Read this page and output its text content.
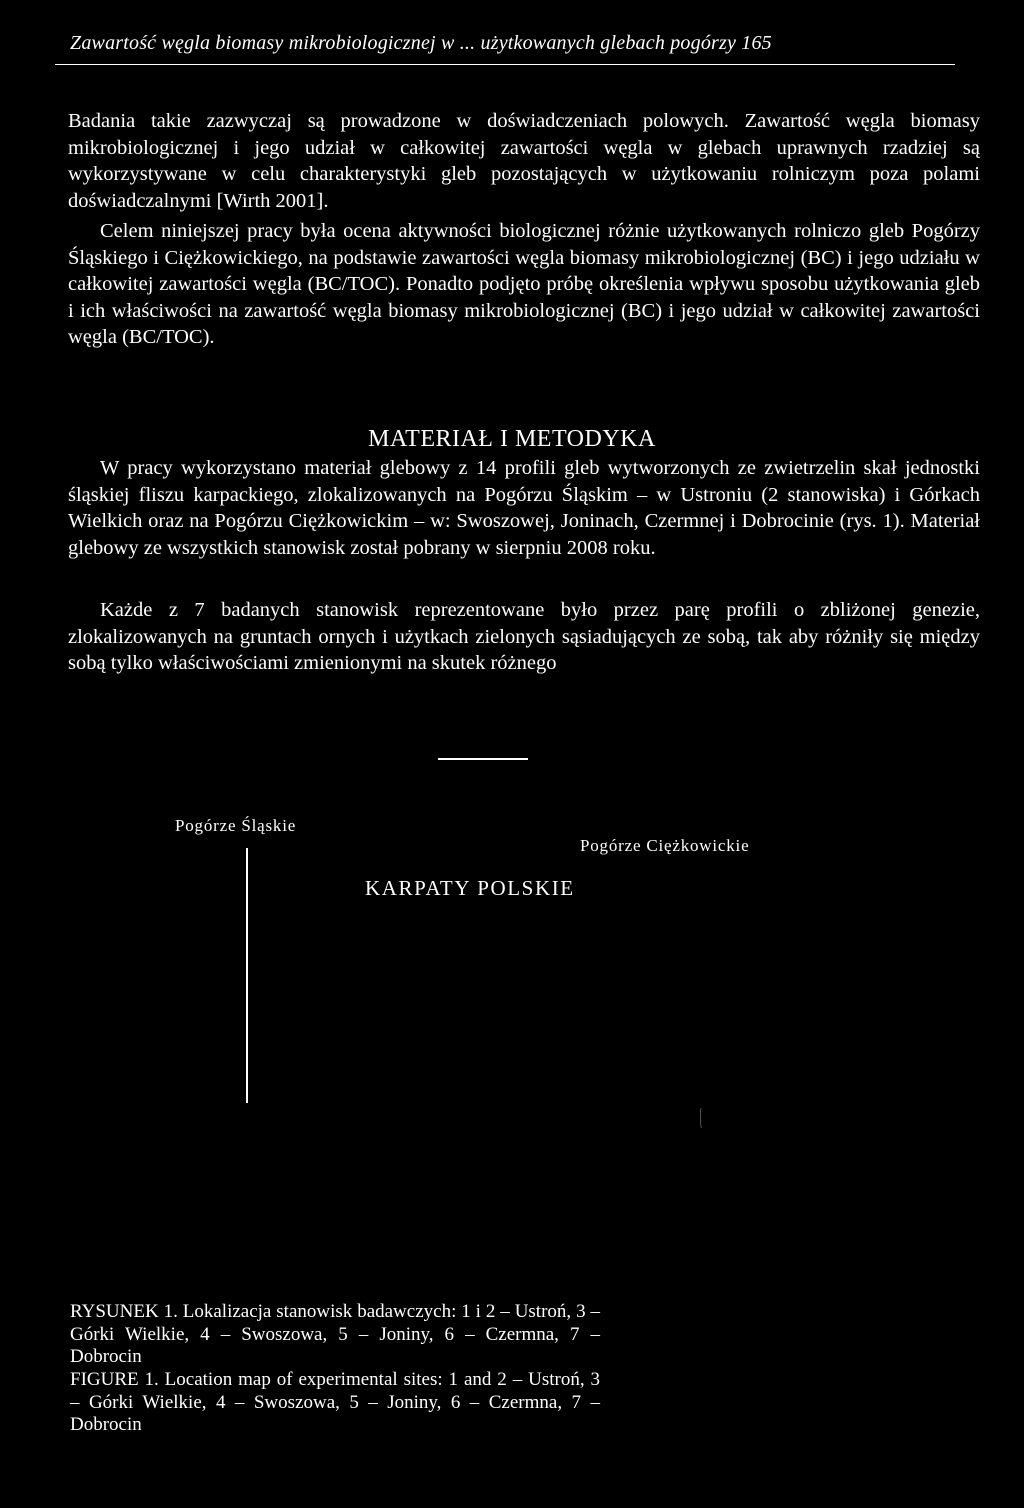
Zawartość węgla biomasy mikrobiologicznej w ... użytkowanych glebach pogórzy 165

Badania takie zazwyczaj są prowadzone w doświadczeniach polowych. Zawartość węgla biomasy mikrobiologicznej i jego udział w całkowitej zawartości węgla w glebach uprawnych rzadziej są wykorzystywane w celu charakterystyki gleb pozostających w użytkowaniu rolniczym poza polami doświadczalnymi [Wirth 2001].

Celem niniejszej pracy była ocena aktywności biologicznej różnie użytkowanych rolniczo gleb Pogórzy Śląskiego i Ciężkowickiego, na podstawie zawartości węgla biomasy mikrobiologicznej (BC) i jego udziału w całkowitej zawartości węgla (BC/TOC). Ponadto podjęto próbę określenia wpływu sposobu użytkowania gleb i ich właściwości na zawartość węgla biomasy mikrobiologicznej (BC) i jego udział w całkowitej zawartości węgla (BC/TOC).

MATERIAŁ I METODYKA

W pracy wykorzystano materiał glebowy z 14 profili gleb wytworzonych ze zwietrzelin skał jednostki śląskiej fliszu karpackiego, zlokalizowanych na Pogórzu Śląskim – w Ustroniu (2 stanowiska) i Górkach Wielkich oraz na Pogórzu Ciężkowickim – w: Swoszowej, Joninach, Czermnej i Dobrocinie (rys. 1). Materiał glebowy ze wszystkich stanowisk został pobrany w sierpniu 2008 roku.

Każde z 7 badanych stanowisk reprezentowane było przez parę profili o zbliżonej genezie, zlokalizowanych na gruntach ornych i użytkach zielonych sąsiadujących ze sobą, tak aby różniły się między sobą tylko właściwościami zmienionymi na skutek różnego

Pogórze Śląskie
Pogórze Ciężkowickie
KARPATY POLSKIE
RYSUNEK 1. Lokalizacja stanowisk badawczych: 1 i 2 – Ustroń, 3 – Górki Wielkie, 4 – Swoszowa, 5 – Joniny, 6 – Czermna, 7 – Dobrocin
FIGURE 1. Location map of experimental sites: 1 and 2 – Ustroń, 3 – Górki Wielkie, 4 – Swoszowa, 5 – Joniny, 6 – Czermna, 7 – Dobrocin
